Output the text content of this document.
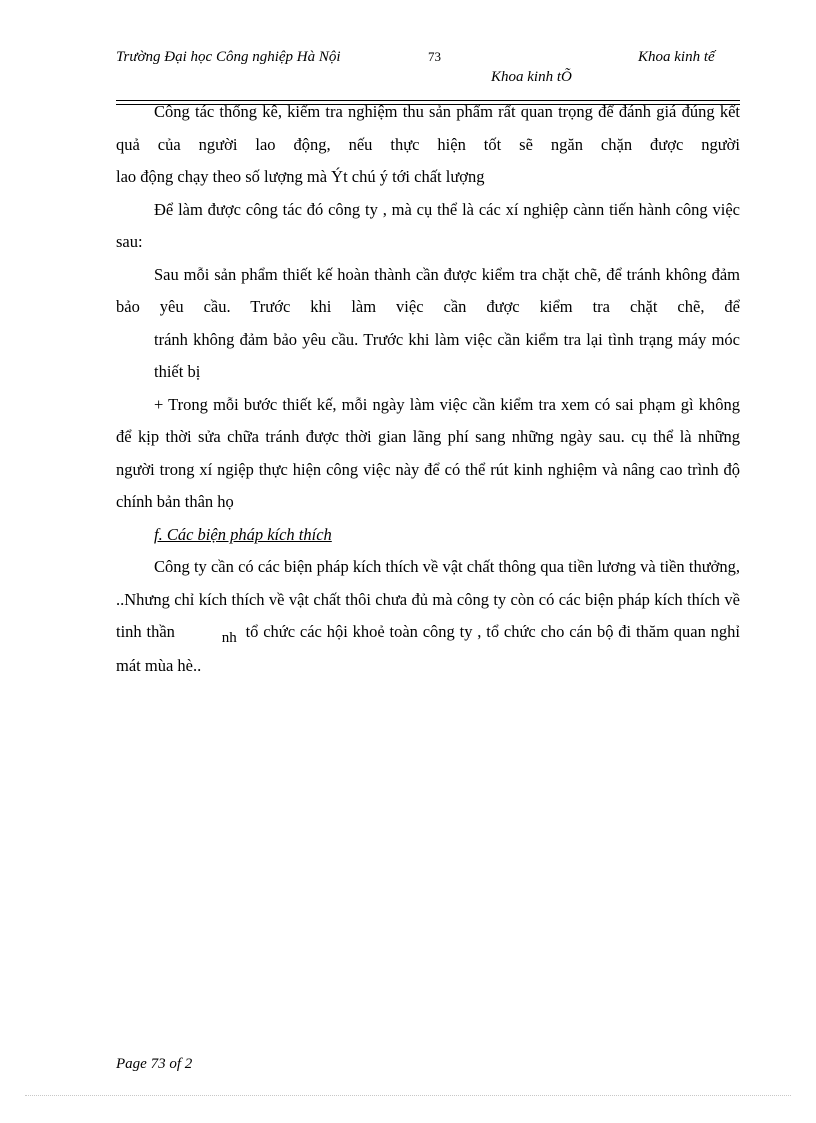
Trường Đại học Công nghiệp Hà Nội	73	Khoa kinh tế
Khoa kinh tÕ

Công tác thống kê, kiểm tra nghiệm thu sản phẩm rất quan trọng để đánh giá đúng kết quả của người lao động, nếu thực hiện tốt sẽ ngăn chặn được người

lao động chạy theo số lượng mà Ýt chú ý tới chất lượng

Để làm được công tác đó công ty , mà cụ thể là các xí nghiệp cànn tiến hành công việc sau:

Sau mỗi sản phẩm thiết kế hoàn thành cần được kiểm tra chặt chẽ, để tránh không đảm bảo yêu cầu. Trước khi làm việc cần được kiểm tra chặt chẽ, để

tránh không đảm bảo yêu cầu. Trước khi làm việc cần kiểm tra lại tình trạng máy móc thiết bị

+ Trong mỗi bước thiết kế, mỗi ngày làm việc cần kiểm tra xem có sai phạm gì không để kịp thời sửa chữa tránh được thời gian lãng phí sang những ngày sau. cụ thể là những người trong xí ngiệp thực hiện công việc này để có thể rút kinh nghiệm và nâng cao trình độ chính bản thân họ

f. Các biện pháp kích thích

Công ty cần có các biện pháp kích thích về vật chất thông qua tiền lương và tiền thưởng, ..Nhưng chỉ kích thích về vật chất thôi chưa đủ mà công ty còn có các biện pháp kích thích về tinh thần	nh tổ chức các hội khoẻ toàn công ty , tổ chức cho cán bộ đi thăm quan nghỉ mát mùa hè..

Page 73 of 2
